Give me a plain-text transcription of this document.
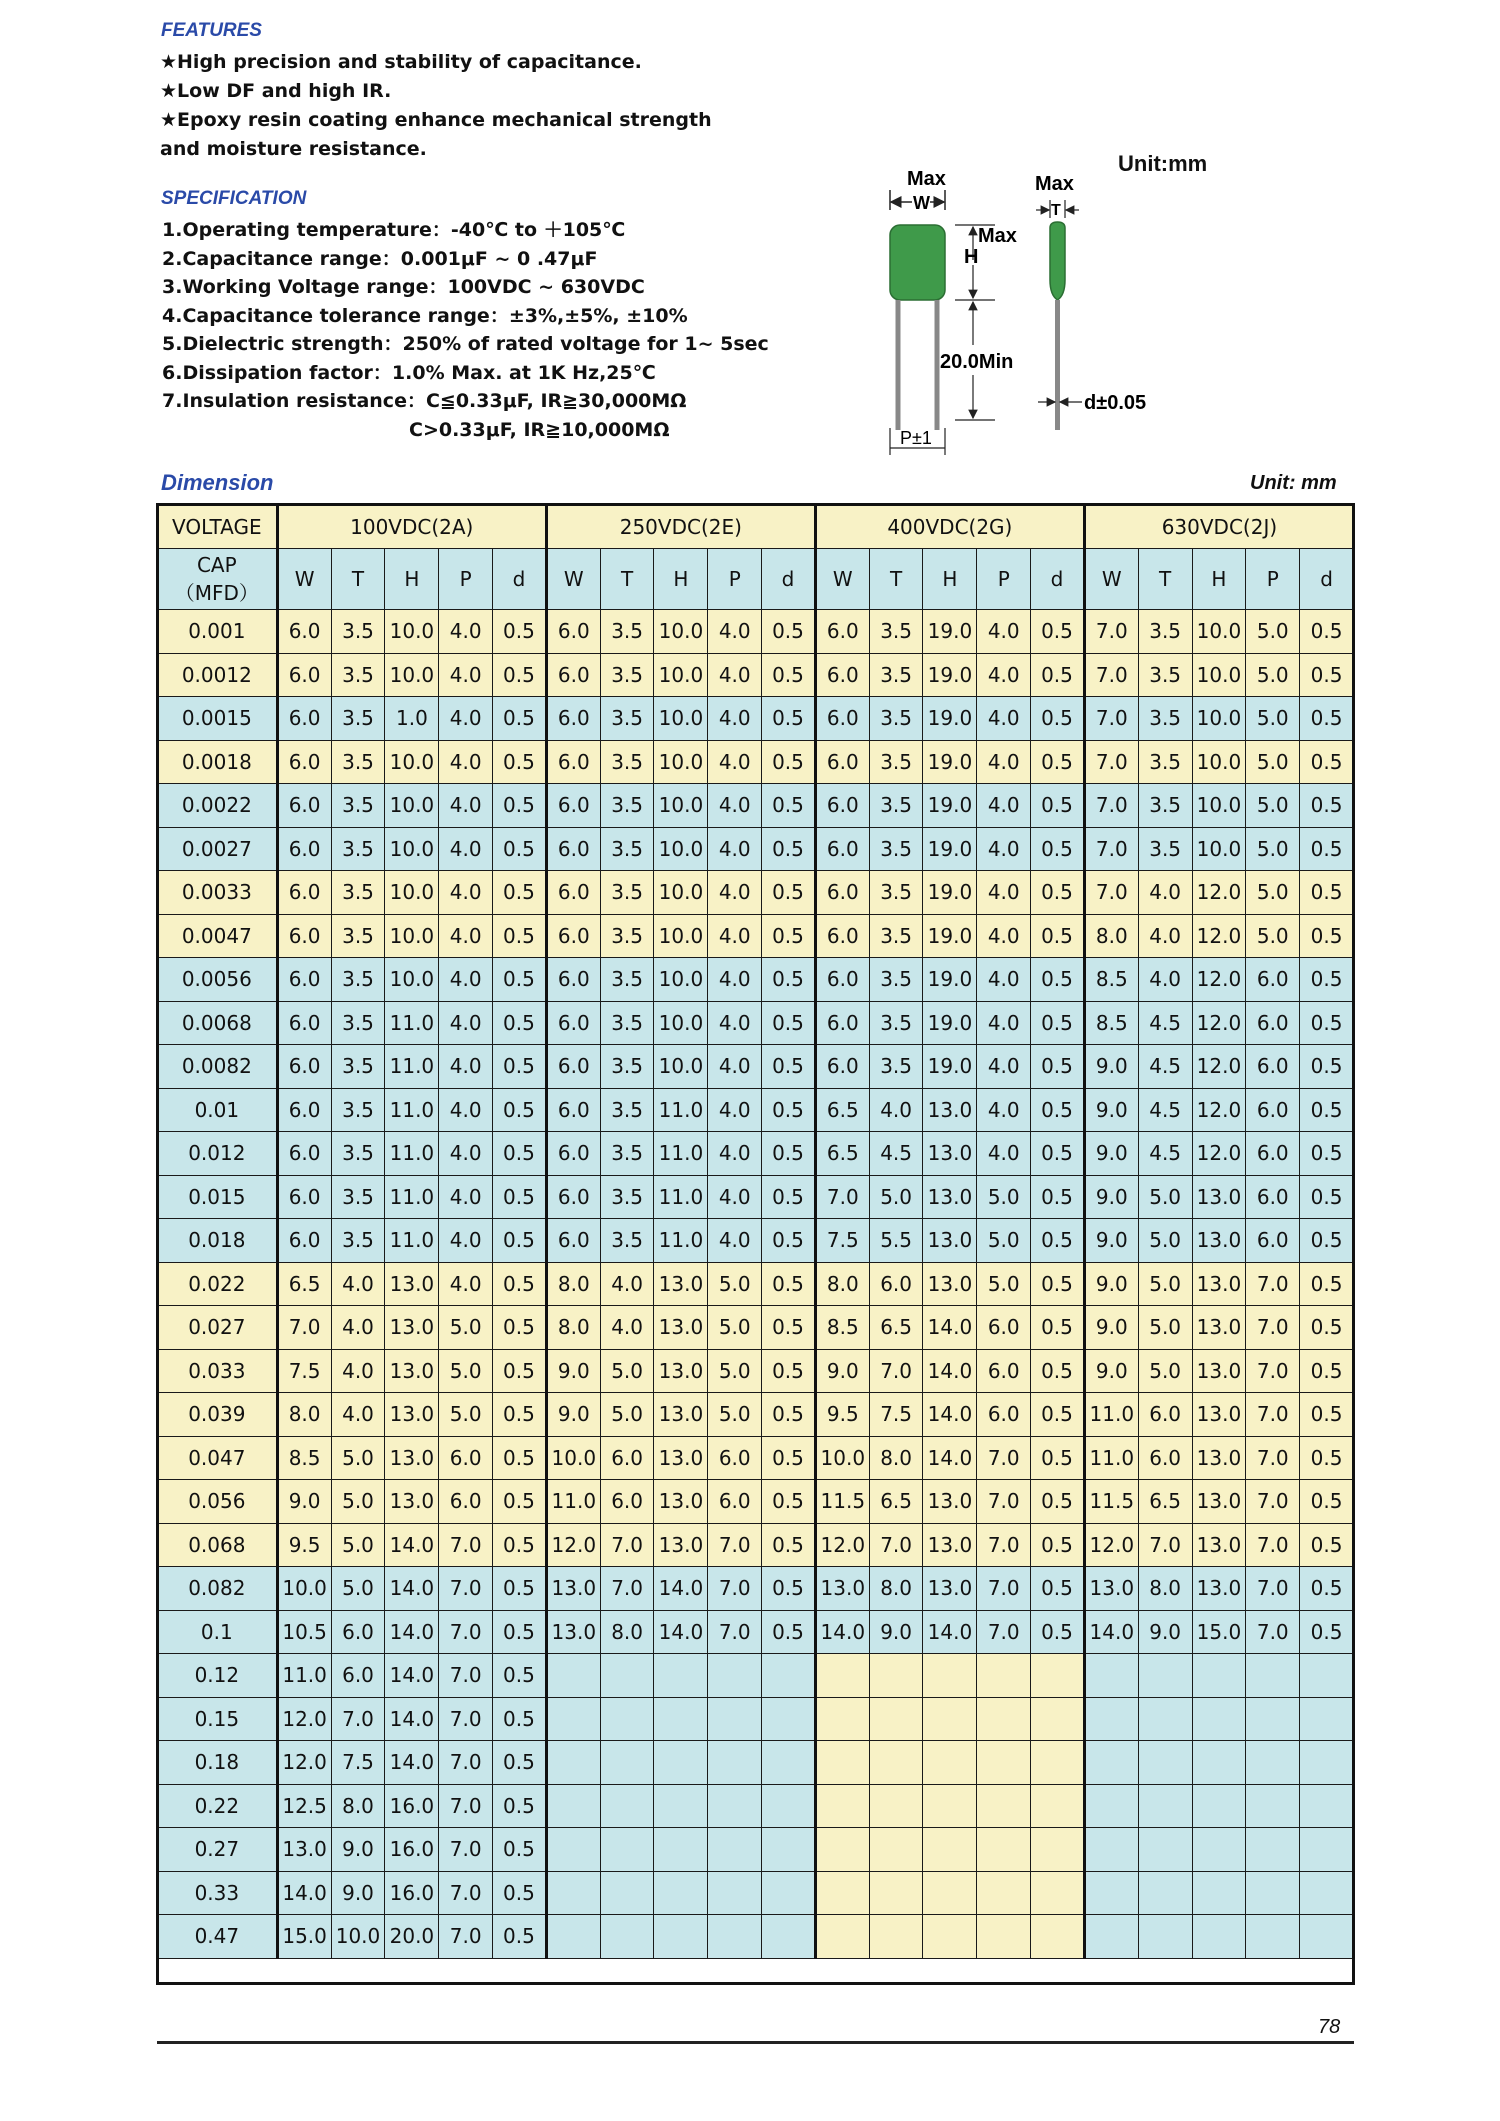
FEATURES
★High precision and stability of capacitance.
★Low DF and high IR.
★Epoxy resin coating enhance mechanical strength
and moisture resistance.
SPECIFICATION
1.Operating temperature：-40℃ to ＋105℃
2.Capacitance range：0.001μF ~ 0 .47μF
3.Working Voltage range：100VDC ~ 630VDC
4.Capacitance tolerance range：±3%,±5%, ±10%
5.Dielectric strength：250% of rated voltage for 1~ 5sec
6.Dissipation factor：1.0% Max. at 1K Hz,25℃
7.Insulation resistance：C≦0.33μF, IR≧30,000MΩ
C>0.33μF, IR≧10,000MΩ
Unit:mm
Max
W
Max
H
20.0Min
P±1
Max
T
d±0.05
Dimension	Unit: mm
VOLTAGE	100VDC(2A)					250VDC(2E)					400VDC(2G)					630VDC(2J)				
CAP
（MFD）	W	T	H	P	d	W	T	H	P	d	W	T	H	P	d	W	T	H	P	d
0.001	6.0	3.5	10.0	4.0	0.5	6.0	3.5	10.0	4.0	0.5	6.0	3.5	19.0	4.0	0.5	7.0	3.5	10.0	5.0	0.5
0.0012	6.0	3.5	10.0	4.0	0.5	6.0	3.5	10.0	4.0	0.5	6.0	3.5	19.0	4.0	0.5	7.0	3.5	10.0	5.0	0.5
0.0015	6.0	3.5	1.0	4.0	0.5	6.0	3.5	10.0	4.0	0.5	6.0	3.5	19.0	4.0	0.5	7.0	3.5	10.0	5.0	0.5
0.0018	6.0	3.5	10.0	4.0	0.5	6.0	3.5	10.0	4.0	0.5	6.0	3.5	19.0	4.0	0.5	7.0	3.5	10.0	5.0	0.5
0.0022	6.0	3.5	10.0	4.0	0.5	6.0	3.5	10.0	4.0	0.5	6.0	3.5	19.0	4.0	0.5	7.0	3.5	10.0	5.0	0.5
0.0027	6.0	3.5	10.0	4.0	0.5	6.0	3.5	10.0	4.0	0.5	6.0	3.5	19.0	4.0	0.5	7.0	3.5	10.0	5.0	0.5
0.0033	6.0	3.5	10.0	4.0	0.5	6.0	3.5	10.0	4.0	0.5	6.0	3.5	19.0	4.0	0.5	7.0	4.0	12.0	5.0	0.5
0.0047	6.0	3.5	10.0	4.0	0.5	6.0	3.5	10.0	4.0	0.5	6.0	3.5	19.0	4.0	0.5	8.0	4.0	12.0	5.0	0.5
0.0056	6.0	3.5	10.0	4.0	0.5	6.0	3.5	10.0	4.0	0.5	6.0	3.5	19.0	4.0	0.5	8.5	4.0	12.0	6.0	0.5
0.0068	6.0	3.5	11.0	4.0	0.5	6.0	3.5	10.0	4.0	0.5	6.0	3.5	19.0	4.0	0.5	8.5	4.5	12.0	6.0	0.5
0.0082	6.0	3.5	11.0	4.0	0.5	6.0	3.5	10.0	4.0	0.5	6.0	3.5	19.0	4.0	0.5	9.0	4.5	12.0	6.0	0.5
0.01	6.0	3.5	11.0	4.0	0.5	6.0	3.5	11.0	4.0	0.5	6.5	4.0	13.0	4.0	0.5	9.0	4.5	12.0	6.0	0.5
0.012	6.0	3.5	11.0	4.0	0.5	6.0	3.5	11.0	4.0	0.5	6.5	4.5	13.0	4.0	0.5	9.0	4.5	12.0	6.0	0.5
0.015	6.0	3.5	11.0	4.0	0.5	6.0	3.5	11.0	4.0	0.5	7.0	5.0	13.0	5.0	0.5	9.0	5.0	13.0	6.0	0.5
0.018	6.0	3.5	11.0	4.0	0.5	6.0	3.5	11.0	4.0	0.5	7.5	5.5	13.0	5.0	0.5	9.0	5.0	13.0	6.0	0.5
0.022	6.5	4.0	13.0	4.0	0.5	8.0	4.0	13.0	5.0	0.5	8.0	6.0	13.0	5.0	0.5	9.0	5.0	13.0	7.0	0.5
0.027	7.0	4.0	13.0	5.0	0.5	8.0	4.0	13.0	5.0	0.5	8.5	6.5	14.0	6.0	0.5	9.0	5.0	13.0	7.0	0.5
0.033	7.5	4.0	13.0	5.0	0.5	9.0	5.0	13.0	5.0	0.5	9.0	7.0	14.0	6.0	0.5	9.0	5.0	13.0	7.0	0.5
0.039	8.0	4.0	13.0	5.0	0.5	9.0	5.0	13.0	5.0	0.5	9.5	7.5	14.0	6.0	0.5	11.0	6.0	13.0	7.0	0.5
0.047	8.5	5.0	13.0	6.0	0.5	10.0	6.0	13.0	6.0	0.5	10.0	8.0	14.0	7.0	0.5	11.0	6.0	13.0	7.0	0.5
0.056	9.0	5.0	13.0	6.0	0.5	11.0	6.0	13.0	6.0	0.5	11.5	6.5	13.0	7.0	0.5	11.5	6.5	13.0	7.0	0.5
0.068	9.5	5.0	14.0	7.0	0.5	12.0	7.0	13.0	7.0	0.5	12.0	7.0	13.0	7.0	0.5	12.0	7.0	13.0	7.0	0.5
0.082	10.0	5.0	14.0	7.0	0.5	13.0	7.0	14.0	7.0	0.5	13.0	8.0	13.0	7.0	0.5	13.0	8.0	13.0	7.0	0.5
0.1	10.5	6.0	14.0	7.0	0.5	13.0	8.0	14.0	7.0	0.5	14.0	9.0	14.0	7.0	0.5	14.0	9.0	15.0	7.0	0.5
0.12	11.0	6.0	14.0	7.0	0.5															
0.15	12.0	7.0	14.0	7.0	0.5															
0.18	12.0	7.5	14.0	7.0	0.5															
0.22	12.5	8.0	16.0	7.0	0.5															
0.27	13.0	9.0	16.0	7.0	0.5															
0.33	14.0	9.0	16.0	7.0	0.5															
0.47	15.0	10.0	20.0	7.0	0.5															
78
